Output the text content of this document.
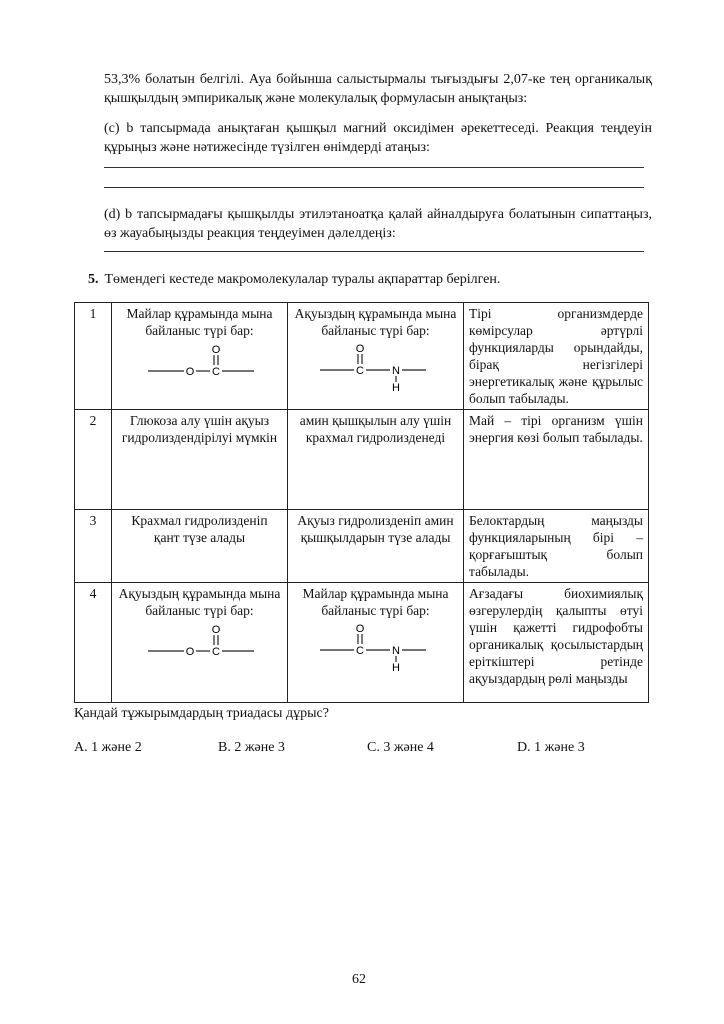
53,3% болатын белгілі. Ауа бойынша салыстырмалы тығыздығы 2,07-ке тең органикалық қышқылдың эмпирикалық және молекулалық формуласын анықтаңыз:
(c) b тапсырмада анықтаған қышқыл магний оксидімен әрекеттеседі. Реакция теңдеуін құрыңыз және нәтижесінде түзілген өнімдерді атаңыз:
(d) b тапсырмадағы қышқылды этилэтаноатқа қалай айналдыруға болатынын сипаттаңыз, өз жауабыңызды реакция теңдеуімен дәлелдеңіз:
5. Төмендегі кестеде макромолекулалар туралы ақпараттар берілген.
1	Майлар құрамында мына байланыс түрі бар:
O
O C	Ақуыздың құрамында мына байланыс түрі бар:
O
C N
H	Тірі организмдерде көмірсулар әртүрлі функцияларды орындайды, бірақ негізгілері энергетикалық және құрылыс болып табылады.
2	Глюкоза алу үшін ақуыз гидролиздендірілуі мүмкін	амин қышқылын алу үшін крахмал гидролизденеді	Май – тірі организм үшін энергия көзі болып табылады.
3	Крахмал гидролизденіп қант түзе алады	Ақуыз гидролизденіп амин қышқылдарын түзе алады	Белоктардың маңызды функцияларының бірі – қорғағыштық болып табылады.
4	Ақуыздың құрамында мына байланыс түрі бар:
O
O C	Майлар құрамында мына байланыс түрі бар:
O
C N
H	Ағзадағы биохимиялық өзгерулердің қалыпты өтуі үшін қажетті гидрофобты органикалық қосылыстардың еріткіштері ретінде ақуыздардың рөлі маңызды
Қандай тұжырымдардың триадасы дұрыс?
A. 1 және 2	B. 2 және 3	C. 3 және 4	D. 1 және 3
62
